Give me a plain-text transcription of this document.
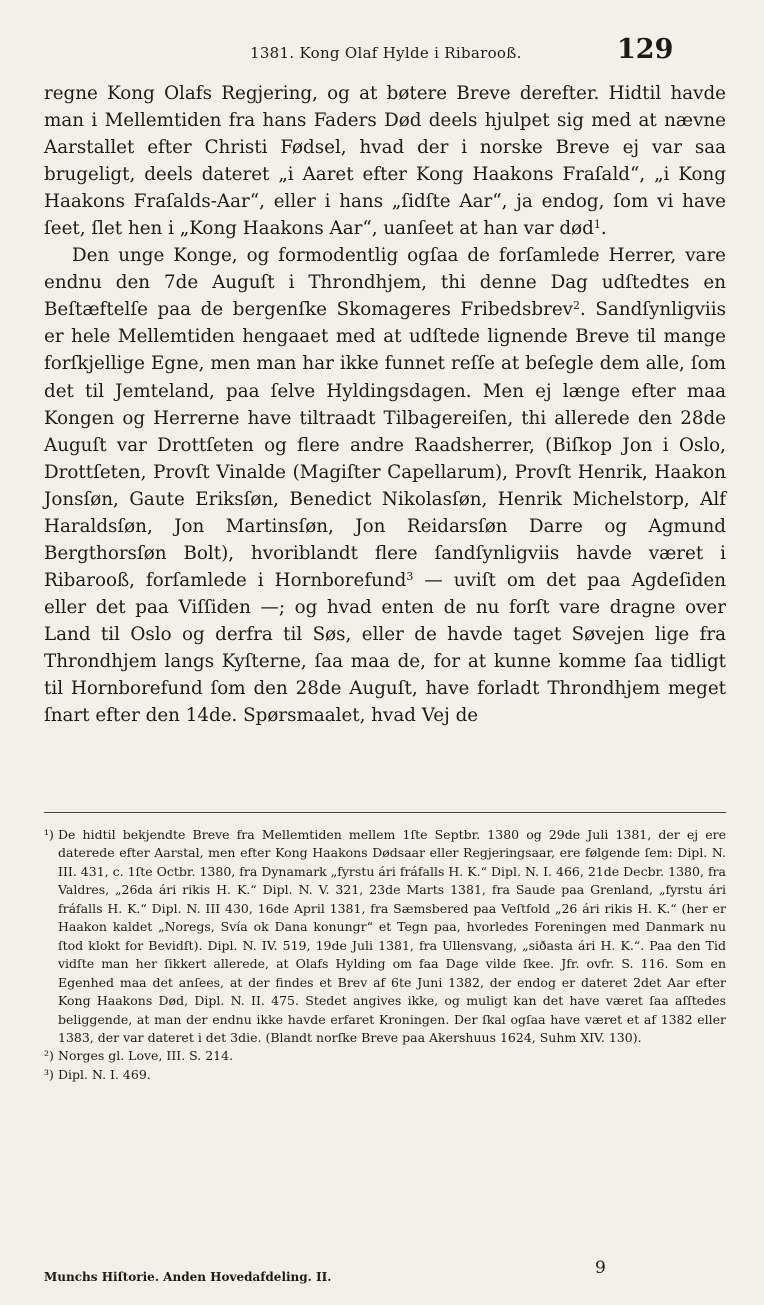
1381. Kong Olaf Hylde i Ribarooß.	129

regne Kong Olafs Regjering, og at bøtere Breve derefter. Hidtil havde man i Mellemtiden fra hans Faders Død deels hjulpet sig med at nævne Aarstallet efter Christi Fødsel, hvad der i norske Breve ej var saa brugeligt, deels dateret „i Aaret efter Kong Haakons Fraſald“, „i Kong Haakons Fraſalds-Aar“, eller i hans „ſidſte Aar“, ja endog, ſom vi have ſeet, ſlet hen i „Kong Haakons Aar“, uanſeet at han var død$^1$.

Den unge Konge, og formodentlig ogſaa de forſamlede Herrer, vare endnu den 7de Auguſt i Throndhjem, thi denne Dag udſtedtes en Beſtæftelſe paa de bergenſke Skomageres Fribedsbrev$^2$. Sandſynligviis er hele Mellemtiden hengaaet med at udſtede lignende Breve til mange forſkjellige Egne, men man har ikke funnet reſſe at beſegle dem alle, ſom det til Jemteland, paa ſelve Hyldingsdagen. Men ej længe efter maa Kongen og Herrerne have tiltraadt Tilbagereiſen, thi allerede den 28de Auguſt var Drottſeten og flere andre Raadsherrer, (Biſkop Jon i Oslo, Drottſeten, Provſt Vinalde (Magiſter Capellarum), Provſt Henrik, Haakon Jonsſøn, Gaute Eriksſøn, Benedict Nikolasſøn, Henrik Michelstorp, Alf Haraldsſøn, Jon Martinsſøn, Jon Reidarsſøn Darre og Agmund Bergthorsſøn Bolt), hvoriblandt flere ſandſynligviis havde været i Ribarooß, forſamlede i Hornborefund$^3$ — uviſt om det paa Agdeſiden eller det paa Viſſiden —; og hvad enten de nu forſt vare dragne over Land til Oslo og derfra til Søs, eller de havde taget Søvejen lige fra Throndhjem langs Kyſterne, ſaa maa de, for at kunne komme ſaa tidligt til Hornborefund ſom den 28de Auguſt, have forladt Throndhjem meget ſnart efter den 14de. Spørsmaalet, hvad Vej de

¹) De hidtil bekjendte Breve fra Mellemtiden mellem 1ſte Septbr. 1380 og 29de Juli 1381, der ej ere daterede efter Aarstal, men efter Kong Haakons Dødsaar eller Regjeringsaar, ere følgende ſem: Dipl. N. III. 431, c. 1ſte Octbr. 1380, fra Dynamark „fyrstu ári fráfalls H. K.“ Dipl. N. I. 466, 21de Decbr. 1380, fra Valdres, „26da ári rikis H. K.“ Dipl. N. V. 321, 23de Marts 1381, fra Saude paa Grenland, „fyrstu ári fráfalls H. K.“ Dipl. N. III 430, 16de April 1381, fra Sæmsbered paa Veſtfold „26 ári rikis H. K.“ (her er Haakon kaldet „Noregs, Svía ok Dana konungr“ et Tegn paa, hvorledes Foreningen med Danmark nu ſtod klokt for Bevidſt). Dipl. N. IV. 519, 19de Juli 1381, fra Ullensvang, „siðasta ári H. K.“. Paa den Tid vidſte man her ſikkert allerede, at Olafs Hylding om faa Dage vilde ſkee. Jfr. ovfr. S. 116. Som en Egenhed maa det anſees, at der findes et Brev af 6te Juni 1382, der endog er dateret 2det Aar efter Kong Haakons Død, Dipl. N. II. 475. Stedet angives ikke, og muligt kan det have været ſaa aſſtedes beliggende, at man der endnu ikke havde erfaret Kroningen. Der ſkal ogſaa have været et af 1382 eller 1383, der var dateret i det 3die. (Blandt norſke Breve paa Akershuus 1624, Suhm XIV. 130).

²) Norges gl. Love, III. S. 214.

³) Dipl. N. I. 469.

Munchs Hiſtorie. Anden Hovedafdeling. II.	9
